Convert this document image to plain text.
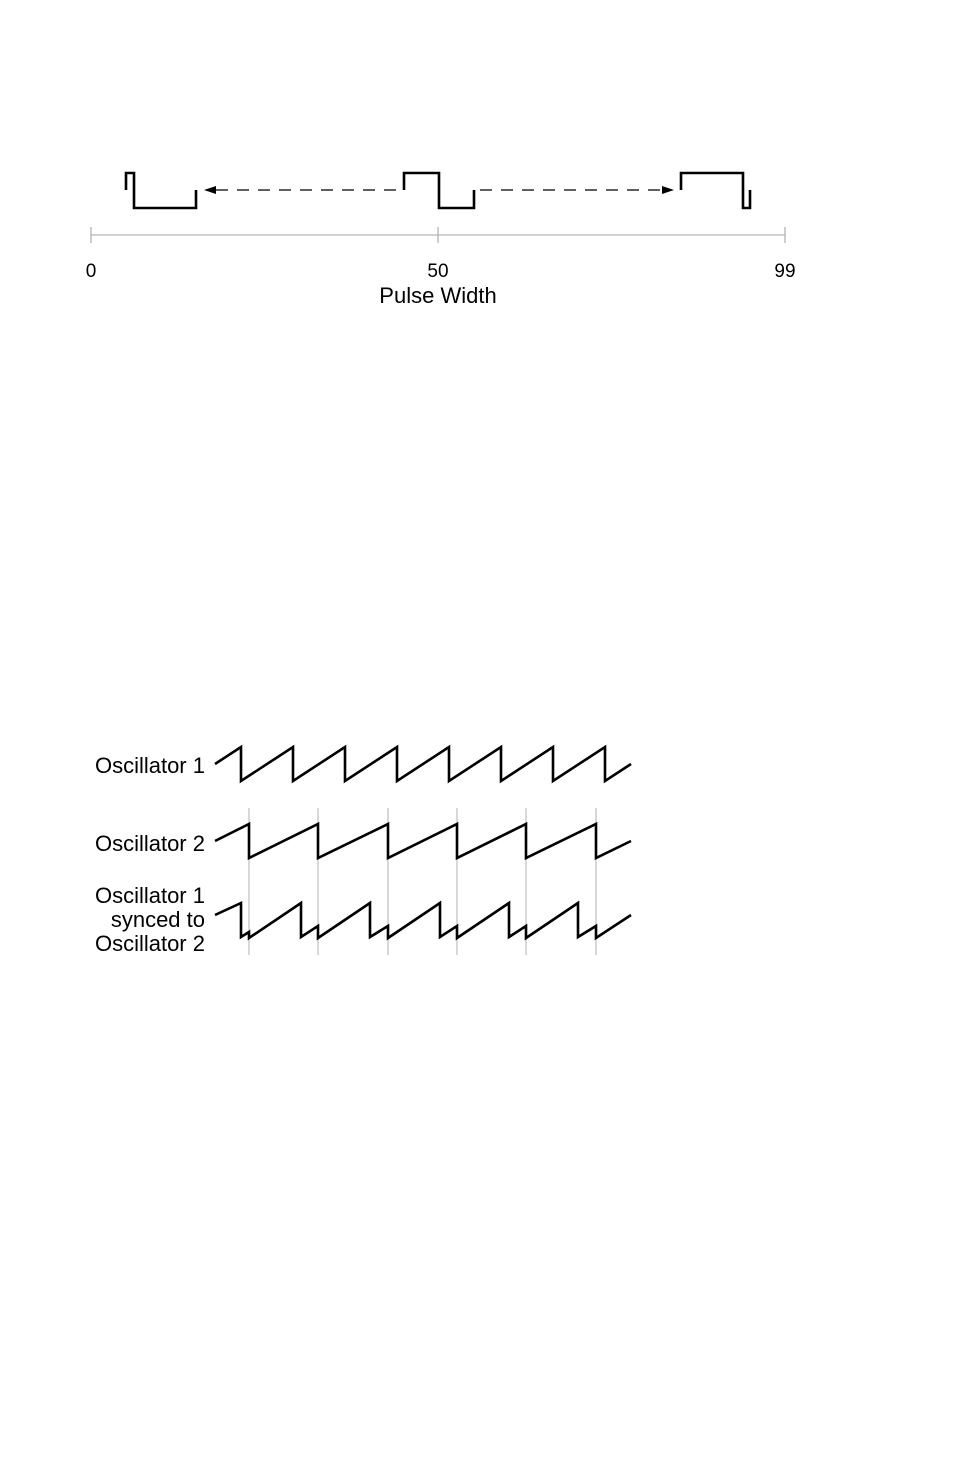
0	50	99
Pulse Width
Oscillator 1
Oscillator 2
Oscillator 1
synced to
Oscillator 2
